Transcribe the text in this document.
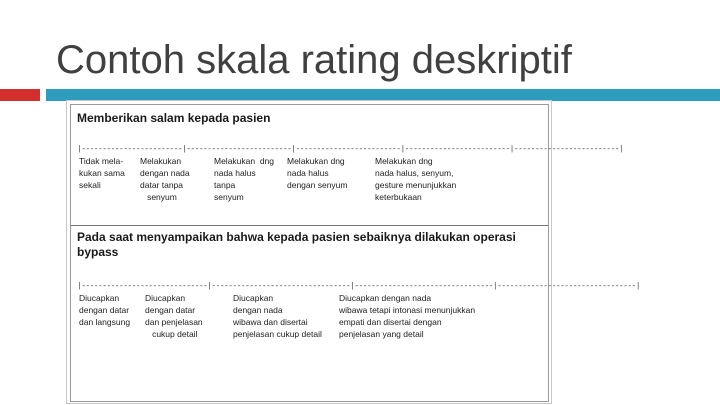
Contoh skala rating deskriptif
Memberikan salam kepada pasien
|------------------------|-------------------------|-------------------------|-------------------------|-------------------------|
Tidak mela-
kukan sama
sekali
Melakukan
dengan nada
datar tanpa
senyum
Melakukan  dng
nada halus
tanpa
senyum
Melakukan dng
nada halus
dengan senyum
Melakukan dng
nada halus, senyum,
gesture menunjukkan
keterbukaan
Pada saat menyampaikan bahwa kepada pasien sebaiknya dilakukan operasi
bypass
|------------------------------|---------------------------------|---------------------------------|---------------------------------|
Diucapkan
dengan datar
dan langsung
Diucapkan
dengan datar
dan penjelasan
cukup detail
Diucapkan
dengan nada
wibawa dan disertai
penjelasan cukup detail
Diucapkan dengan nada
wibawa tetapi intonasi menunjukkan
empati dan disertai dengan
penjelasan yang detail
